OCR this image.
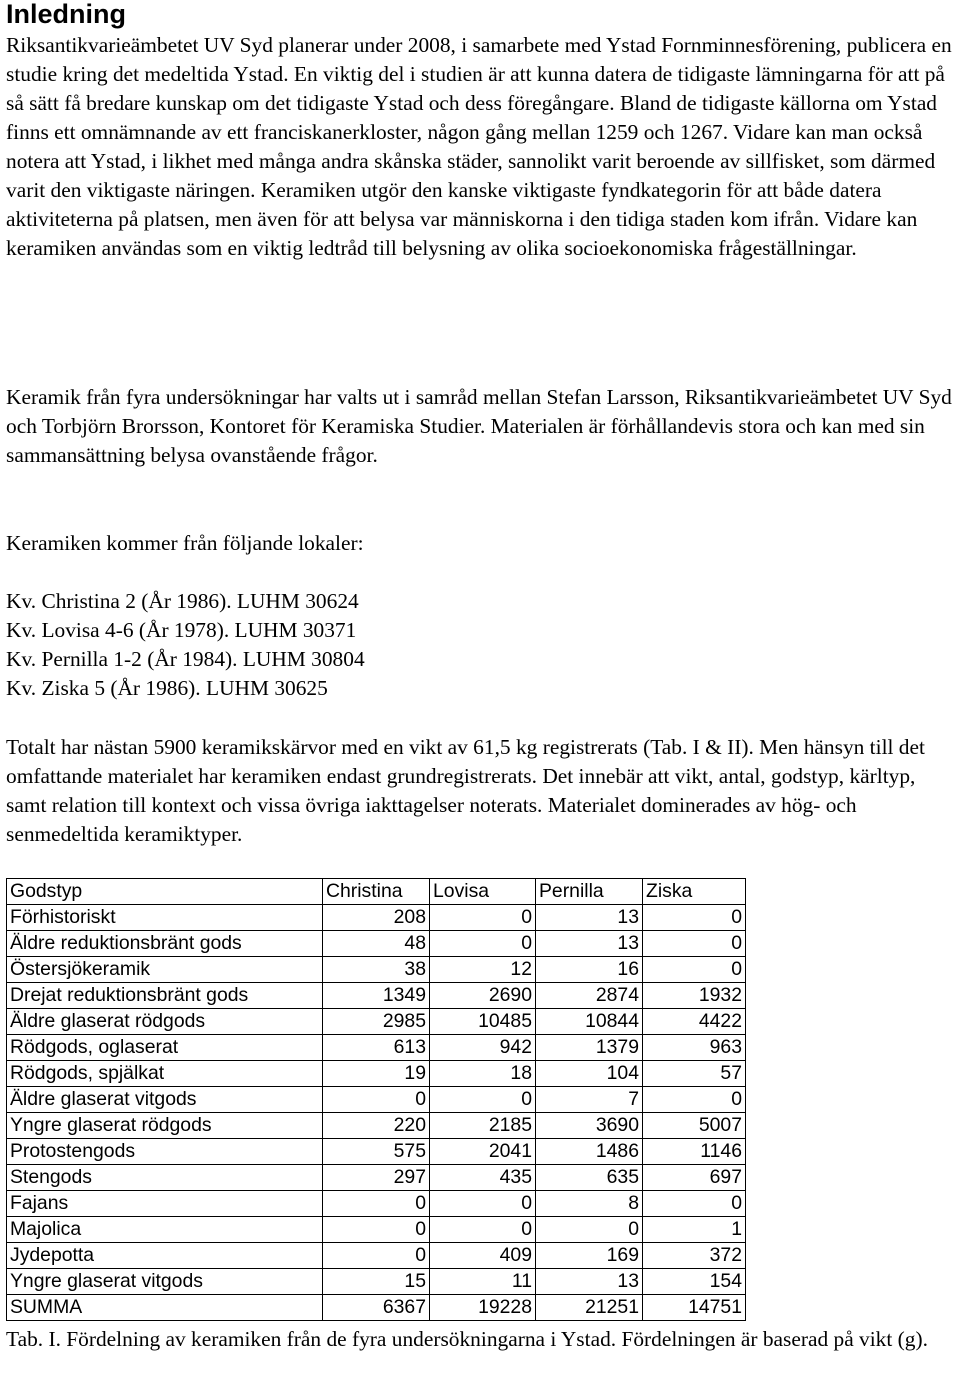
Inledning

Riksantikvarieämbetet UV Syd planerar under 2008, i samarbete med Ystad Fornminnesförening, publicera en studie kring det medeltida Ystad. En viktig del i studien är att kunna datera de tidigaste lämningarna för att på så sätt få bredare kunskap om det tidigaste Ystad och dess föregångare. Bland de tidigaste källorna om Ystad finns ett omnämnande av ett franciskanerkloster, någon gång mellan 1259 och 1267. Vidare kan man också notera att Ystad, i likhet med många andra skånska städer, sannolikt varit beroende av sillfisket, som därmed varit den viktigaste näringen. Keramiken utgör den kanske viktigaste fyndkategorin för att både datera aktiviteterna på platsen, men även för att belysa var människorna i den tidiga staden kom ifrån. Vidare kan keramiken användas som en viktig ledtråd till belysning av olika socioekonomiska frågeställningar.

Keramik från fyra undersökningar har valts ut i samråd mellan Stefan Larsson, Riksantikvarieämbetet UV Syd och Torbjörn Brorsson, Kontoret för Keramiska Studier. Materialen är förhållandevis stora och kan med sin sammansättning belysa ovanstående frågor.

Keramiken kommer från följande lokaler:

Kv. Christina 2 (År 1986). LUHM 30624
Kv. Lovisa 4-6 (År 1978). LUHM 30371
Kv. Pernilla 1-2 (År 1984). LUHM 30804
Kv. Ziska 5 (År 1986). LUHM 30625

Totalt har nästan 5900 keramikskärvor med en vikt av 61,5 kg registrerats (Tab. I & II). Men hänsyn till det omfattande materialet har keramiken endast grundregistrerats. Det innebär att vikt, antal, godstyp, kärltyp, samt relation till kontext och vissa övriga iakttagelser noterats. Materialet dominerades av hög- och senmedeltida keramiktyper.

Godstyp	Christina	Lovisa	Pernilla	Ziska
Förhistoriskt	208	0	13	0
Äldre reduktionsbränt gods	48	0	13	0
Östersjökeramik	38	12	16	0
Drejat reduktionsbränt gods	1349	2690	2874	1932
Äldre glaserat rödgods	2985	10485	10844	4422
Rödgods, oglaserat	613	942	1379	963
Rödgods, spjälkat	19	18	104	57
Äldre glaserat vitgods	0	0	7	0
Yngre glaserat rödgods	220	2185	3690	5007
Protostengods	575	2041	1486	1146
Stengods	297	435	635	697
Fajans	0	0	8	0
Majolica	0	0	0	1
Jydepotta	0	409	169	372
Yngre glaserat vitgods	15	11	13	154
SUMMA	6367	19228	21251	14751

Tab. I. Fördelning av keramiken från de fyra undersökningarna i Ystad. Fördelningen är baserad på vikt (g).
